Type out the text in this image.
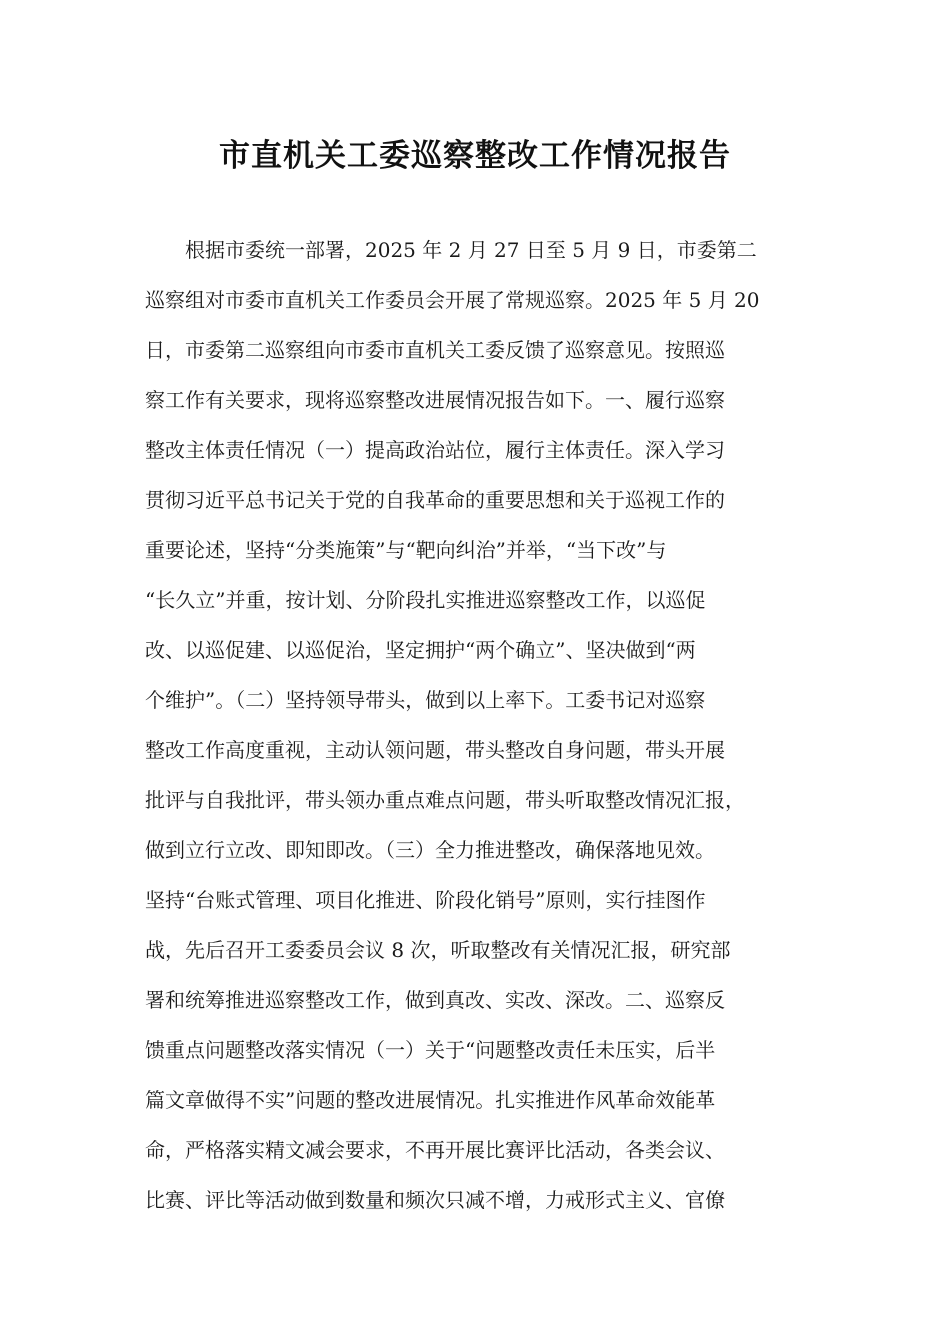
市直机关工委巡察整改工作情况报告
　　根据市委统一部署，2025 年 2 月 27 日至 5 月 9 日，市委第二
巡察组对市委市直机关工作委员会开展了常规巡察。2025 年 5 月 20
日，市委第二巡察组向市委市直机关工委反馈了巡察意见。按照巡
察工作有关要求，现将巡察整改进展情况报告如下。一、履行巡察
整改主体责任情况（一）提高政治站位，履行主体责任。深入学习
贯彻习近平总书记关于党的自我革命的重要思想和关于巡视工作的
重要论述，坚持“分类施策”与“靶向纠治”并举，“当下改”与
“长久立”并重，按计划、分阶段扎实推进巡察整改工作，以巡促
改、以巡促建、以巡促治，坚定拥护“两个确立”、坚决做到“两
个维护”。（二）坚持领导带头，做到以上率下。工委书记对巡察
整改工作高度重视，主动认领问题，带头整改自身问题，带头开展
批评与自我批评，带头领办重点难点问题，带头听取整改情况汇报，
做到立行立改、即知即改。（三）全力推进整改，确保落地见效。
坚持“台账式管理、项目化推进、阶段化销号”原则，实行挂图作
战，先后召开工委委员会议 8 次，听取整改有关情况汇报，研究部
署和统筹推进巡察整改工作，做到真改、实改、深改。二、巡察反
馈重点问题整改落实情况（一）关于“问题整改责任未压实，后半
篇文章做得不实”问题的整改进展情况。扎实推进作风革命效能革
命，严格落实精文减会要求，不再开展比赛评比活动，各类会议、
比赛、评比等活动做到数量和频次只减不增，力戒形式主义、官僚
